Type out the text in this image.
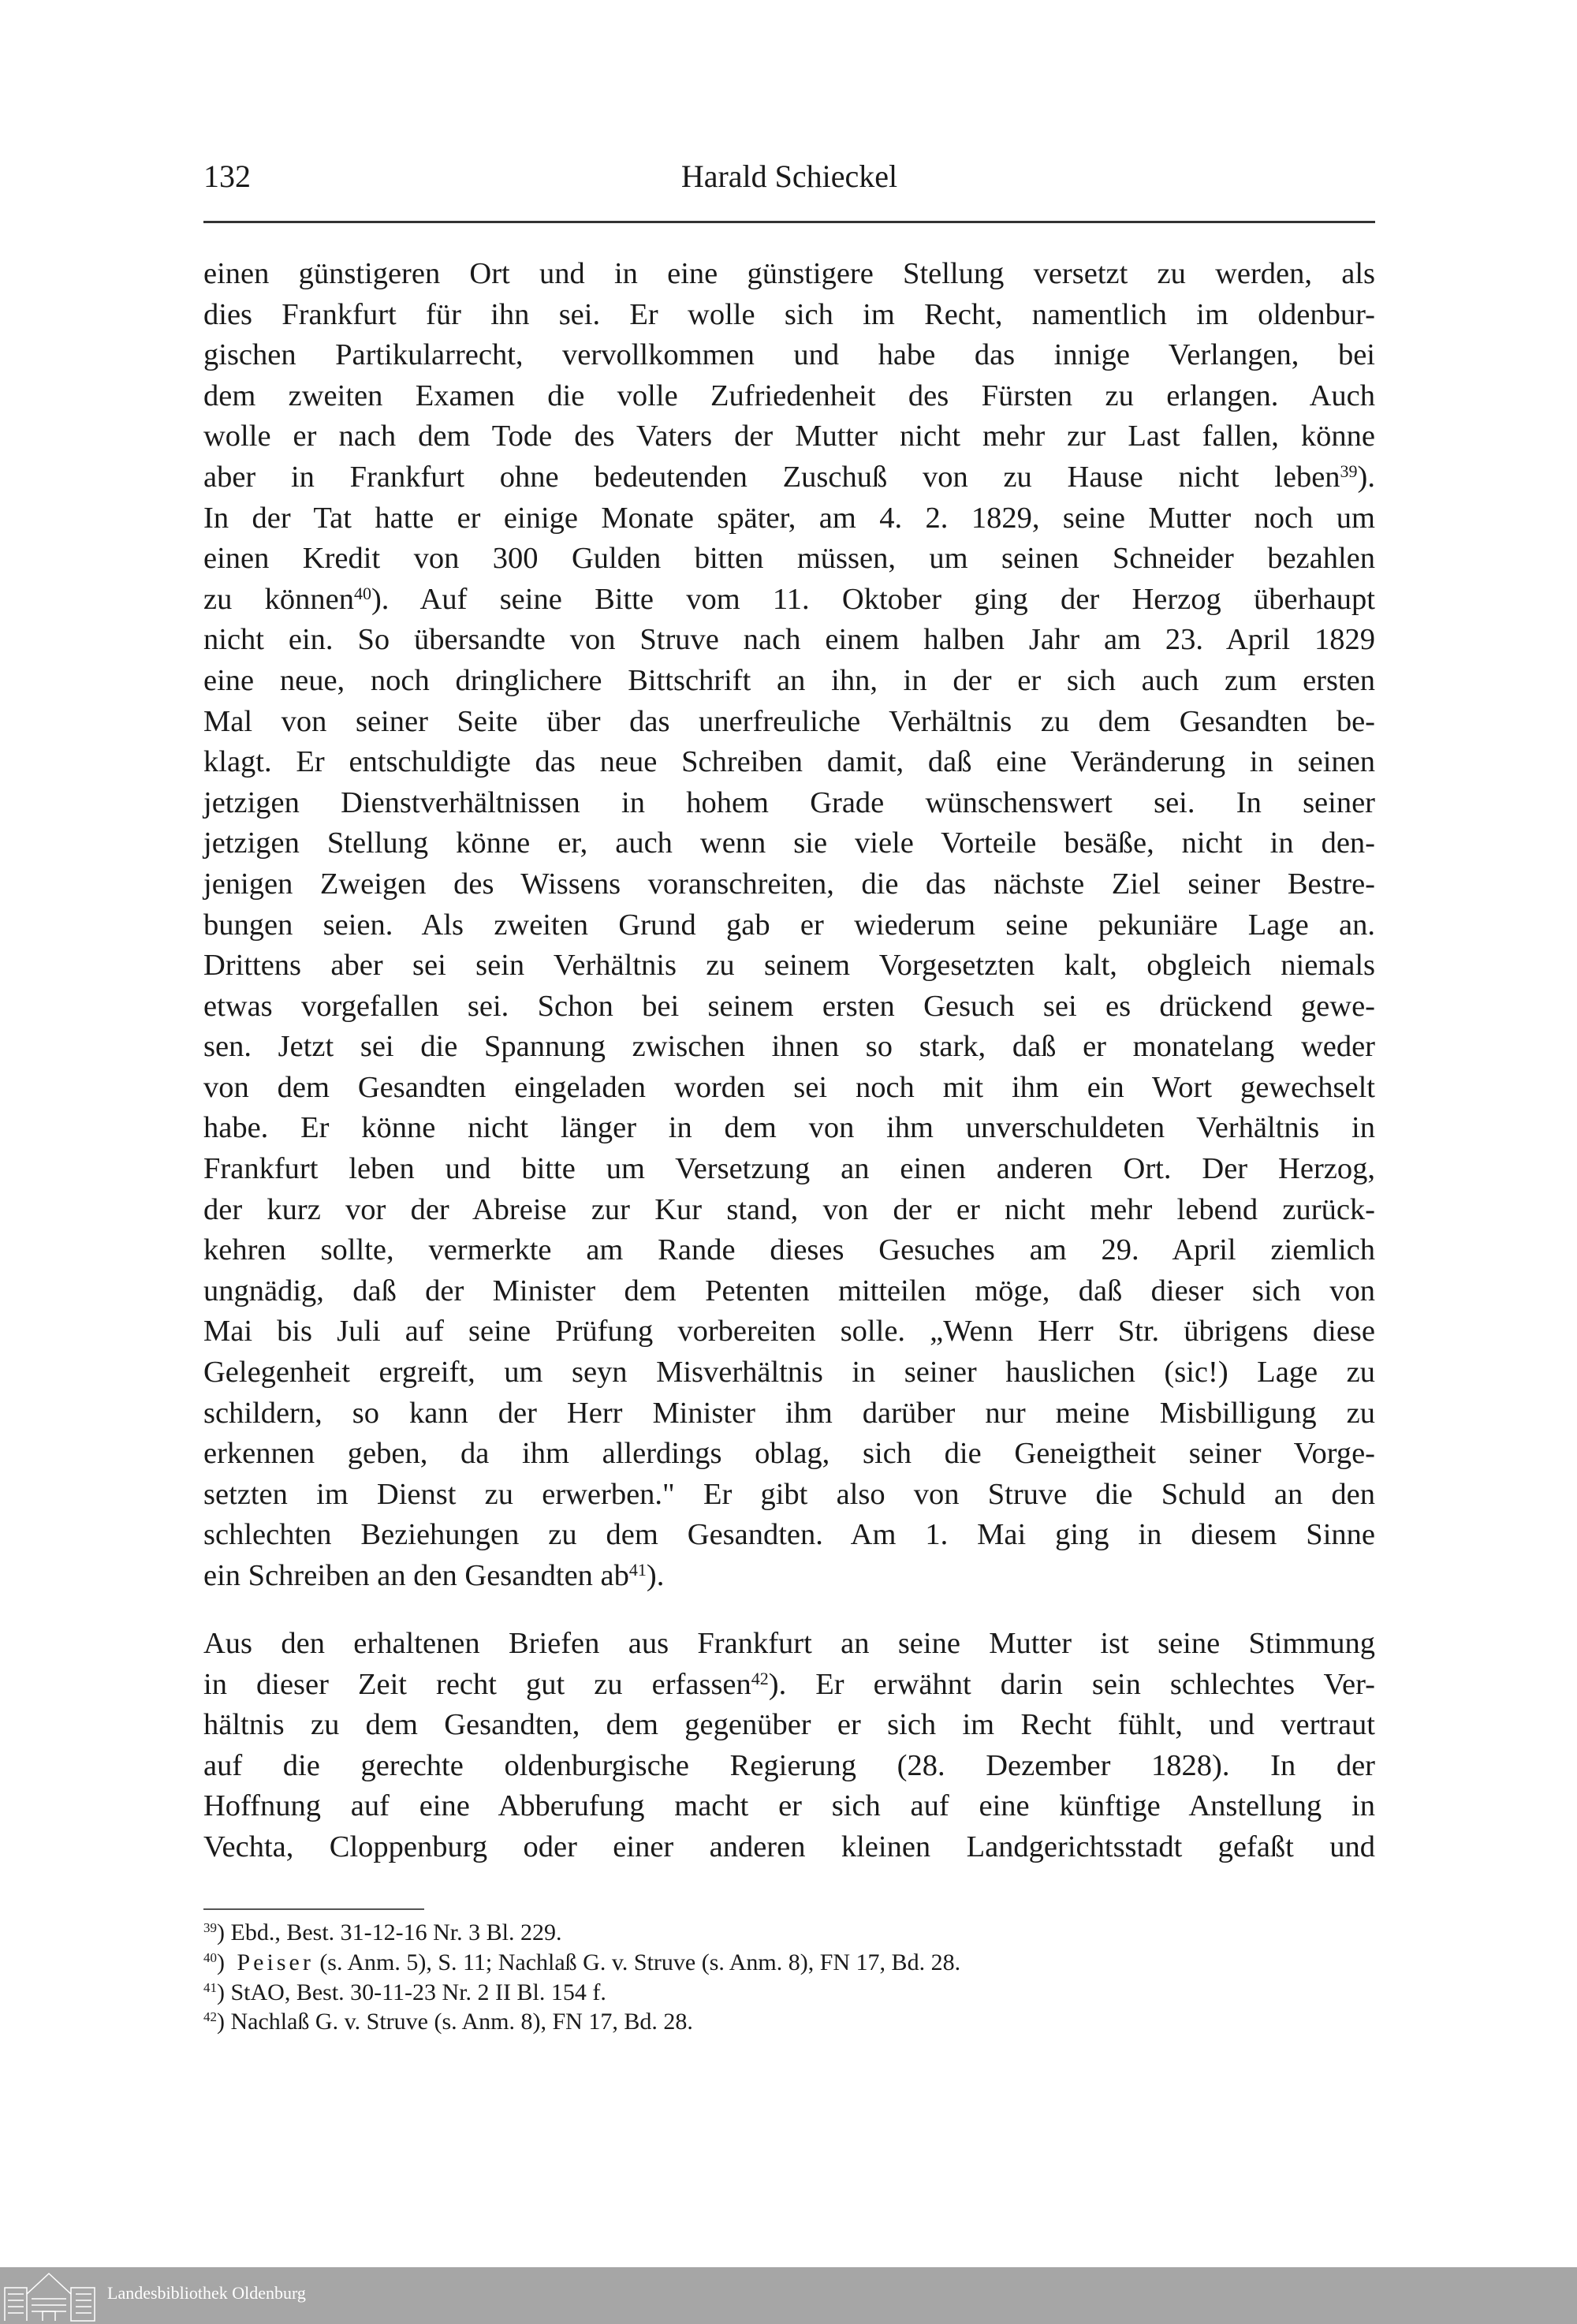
132	Harald Schieckel
einen günstigeren Ort und in eine günstigere Stellung versetzt zu werden, als
dies Frankfurt für ihn sei. Er wolle sich im Recht, namentlich im oldenbur-
gischen Partikularrecht, vervollkommen und habe das innige Verlangen, bei
dem zweiten Examen die volle Zufriedenheit des Fürsten zu erlangen. Auch
wolle er nach dem Tode des Vaters der Mutter nicht mehr zur Last fallen, könne
aber in Frankfurt ohne bedeutenden Zuschuß von zu Hause nicht leben$^{39}$).
In der Tat hatte er einige Monate später, am 4. 2. 1829, seine Mutter noch um
einen Kredit von 300 Gulden bitten müssen, um seinen Schneider bezahlen
zu können$^{40}$). Auf seine Bitte vom 11. Oktober ging der Herzog überhaupt
nicht ein. So übersandte von Struve nach einem halben Jahr am 23. April 1829
eine neue, noch dringlichere Bittschrift an ihn, in der er sich auch zum ersten
Mal von seiner Seite über das unerfreuliche Verhältnis zu dem Gesandten be-
klagt. Er entschuldigte das neue Schreiben damit, daß eine Veränderung in seinen
jetzigen Dienstverhältnissen in hohem Grade wünschenswert sei. In seiner
jetzigen Stellung könne er, auch wenn sie viele Vorteile besäße, nicht in den-
jenigen Zweigen des Wissens voranschreiten, die das nächste Ziel seiner Bestre-
bungen seien. Als zweiten Grund gab er wiederum seine pekuniäre Lage an.
Drittens aber sei sein Verhältnis zu seinem Vorgesetzten kalt, obgleich niemals
etwas vorgefallen sei. Schon bei seinem ersten Gesuch sei es drückend gewe-
sen. Jetzt sei die Spannung zwischen ihnen so stark, daß er monatelang weder
von dem Gesandten eingeladen worden sei noch mit ihm ein Wort gewechselt
habe. Er könne nicht länger in dem von ihm unverschuldeten Verhältnis in
Frankfurt leben und bitte um Versetzung an einen anderen Ort. Der Herzog,
der kurz vor der Abreise zur Kur stand, von der er nicht mehr lebend zurück-
kehren sollte, vermerkte am Rande dieses Gesuches am 29. April ziemlich
ungnädig, daß der Minister dem Petenten mitteilen möge, daß dieser sich von
Mai bis Juli auf seine Prüfung vorbereiten solle. „Wenn Herr Str. übrigens diese
Gelegenheit ergreift, um seyn Misverhältnis in seiner hauslichen (sic!) Lage zu
schildern, so kann der Herr Minister ihm darüber nur meine Misbilligung zu
erkennen geben, da ihm allerdings oblag, sich die Geneigtheit seiner Vorge-
setzten im Dienst zu erwerben." Er gibt also von Struve die Schuld an den
schlechten Beziehungen zu dem Gesandten. Am 1. Mai ging in diesem Sinne
ein Schreiben an den Gesandten $ab^{41}$).
Aus den erhaltenen Briefen aus Frankfurt an seine Mutter ist seine Stimmung
in dieser Zeit recht gut zu erfassen$^{42}$). Er erwähnt darin sein schlechtes Ver-
hältnis zu dem Gesandten, dem gegenüber er sich im Recht fühlt, und vertraut
auf die gerechte oldenburgische Regierung (28. Dezember 1828). In der
Hoffnung auf eine Abberufung macht er sich auf eine künftige Anstellung in
Vechta, Cloppenburg oder einer anderen kleinen Landgerichtsstadt gefaßt und
$^{39}$) Ebd., Best. 31-12-16 Nr. 3 Bl. 229.
$^{40}$) Peiser (s. Anm. 5), S. 11; Nachlaß G. v. Struve (s. Anm. 8), FN 17, Bd. 28.
$^{41}$) StAO, Best. 30-11-23 Nr. 2 II Bl. 154 f.
$^{42}$) Nachlaß G. v. Struve (s. Anm. 8), FN 17, Bd. 28.
Landesbibliothek Oldenburg
